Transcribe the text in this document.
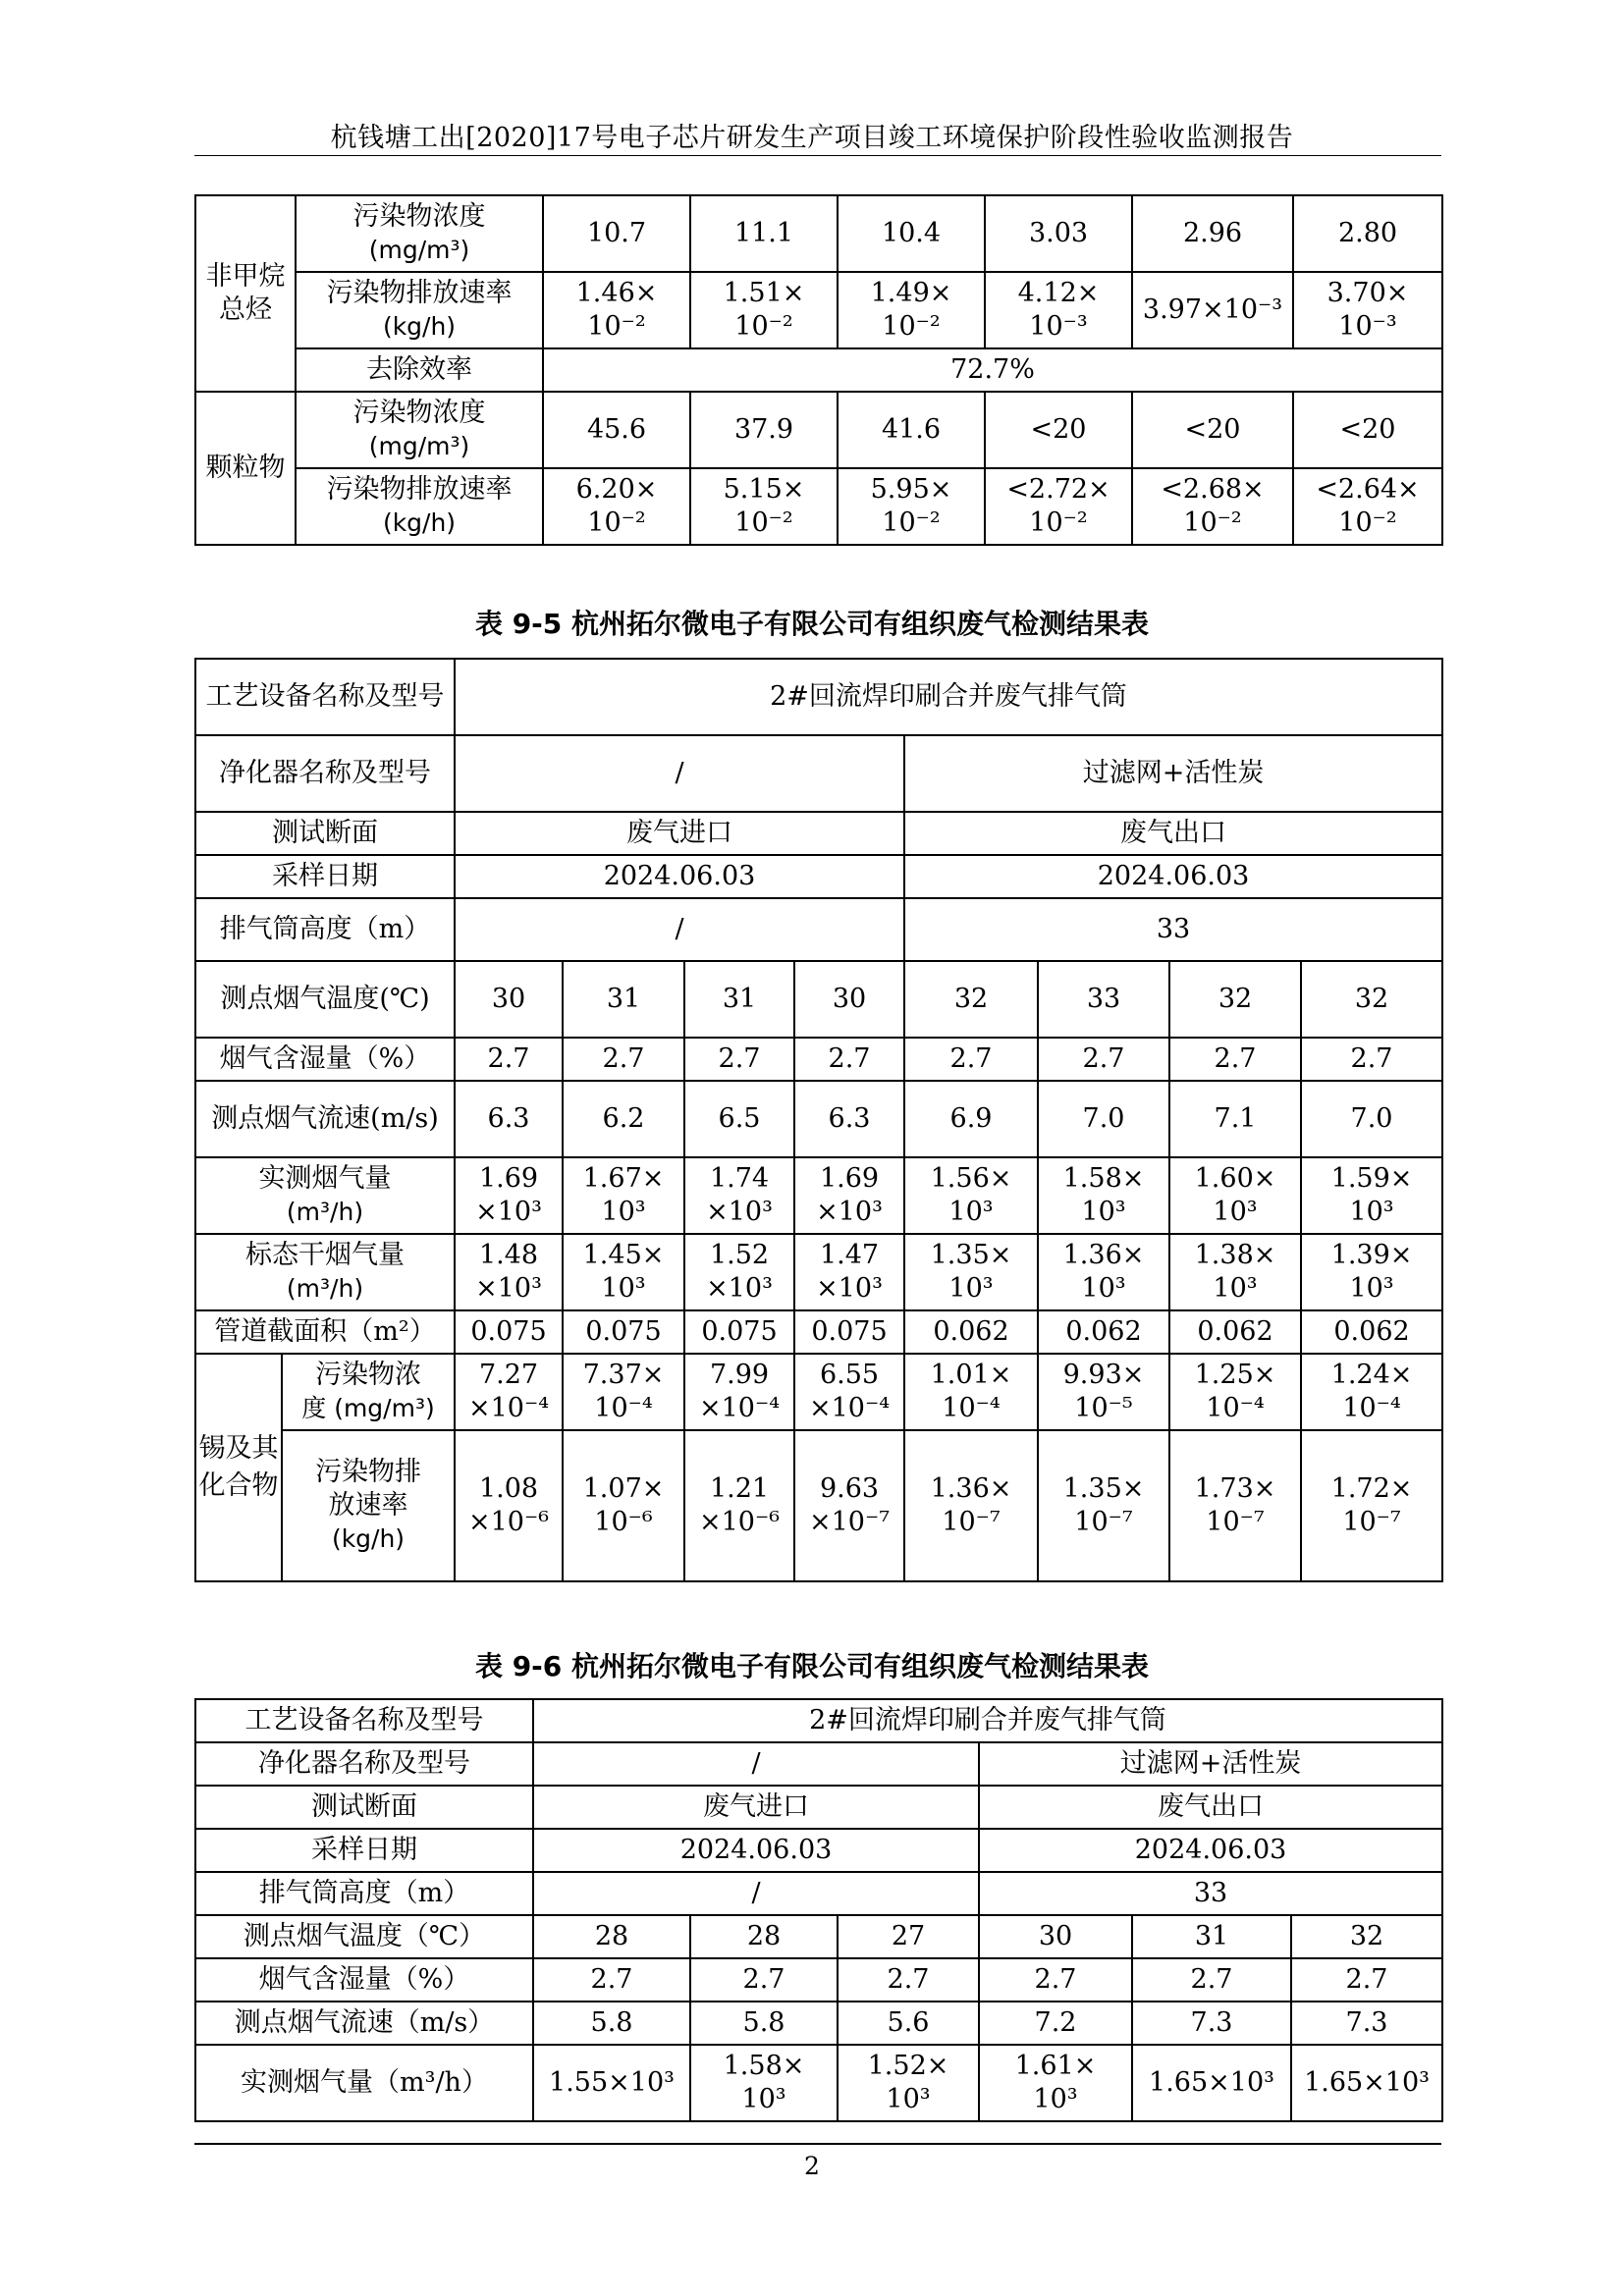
杭钱塘工出[2020]17号电子芯片研发生产项目竣工环境保护阶段性验收监测报告
非甲烷总烃	污染物浓度
(mg/m³)	10.7	11.1	10.4	3.03	2.96	2.80

	污染物排放速率
(kg/h)	1.46×
10⁻²	1.51×
10⁻²	1.49×
10⁻²	4.12×
10⁻³	3.97×10⁻³	3.70×
10⁻³

	去除效率	72.7%					

颗粒物	污染物浓度
(mg/m³)	45.6	37.9	41.6	<20	<20	<20

	污染物排放速率
(kg/h)	6.20×
10⁻²	5.15×
10⁻²	5.95×
10⁻²	<2.72×
10⁻²	<2.68×
10⁻²	<2.64×
10⁻²
表 9-5 杭州拓尔微电子有限公司有组织废气检测结果表
工艺设备名称及型号		2#回流焊印刷合并废气排气筒							
净化器名称及型号		/				过滤网+活性炭			
测试断面		废气进口				废气出口			
采样日期		2024.06.03				2024.06.03			
排气筒高度（m）		/				33			
测点烟气温度(℃)		30	31	31	30	32	33	32	32
烟气含湿量（%）		2.7	2.7	2.7	2.7	2.7	2.7	2.7	2.7
测点烟气流速(m/s)		6.3	6.2	6.5	6.3	6.9	7.0	7.1	7.0

实测烟气量
(m³/h)		1.69
×10³	1.67×
10³	1.74
×10³	1.69
×10³	1.56×
10³	1.58×
10³	1.60×
10³	1.59×
10³

标态干烟气量
(m³/h)		1.48
×10³	1.45×
10³	1.52
×10³	1.47
×10³	1.35×
10³	1.36×
10³	1.38×
10³	1.39×
10³

管道截面积（m²）		0.075	0.075	0.075	0.075	0.062	0.062	0.062	0.062

锡及其化合物	污染物浓
度 (mg/m³)	7.27
×10⁻⁴	7.37×
10⁻⁴	7.99
×10⁻⁴	6.55
×10⁻⁴	1.01×
10⁻⁴	9.93×
10⁻⁵	1.25×
10⁻⁴	1.24×
10⁻⁴

	污染物排
放速率
(kg/h)	1.08
×10⁻⁶	1.07×
10⁻⁶	1.21
×10⁻⁶	9.63
×10⁻⁷	1.36×
10⁻⁷	1.35×
10⁻⁷	1.73×
10⁻⁷	1.72×
10⁻⁷
表 9-6 杭州拓尔微电子有限公司有组织废气检测结果表
工艺设备名称及型号	2#回流焊印刷合并废气排气筒					
净化器名称及型号	/			过滤网+活性炭		
测试断面	废气进口			废气出口		
采样日期	2024.06.03			2024.06.03		
排气筒高度（m）	/			33		
测点烟气温度（℃）	28	28	27	30	31	32
烟气含湿量（%）	2.7	2.7	2.7	2.7	2.7	2.7
测点烟气流速（m/s）	5.8	5.8	5.6	7.2	7.3	7.3
实测烟气量（m³/h）	1.55×10³	1.58×
10³	1.52×
10³	1.61×
10³	1.65×10³	1.65×10³
2
